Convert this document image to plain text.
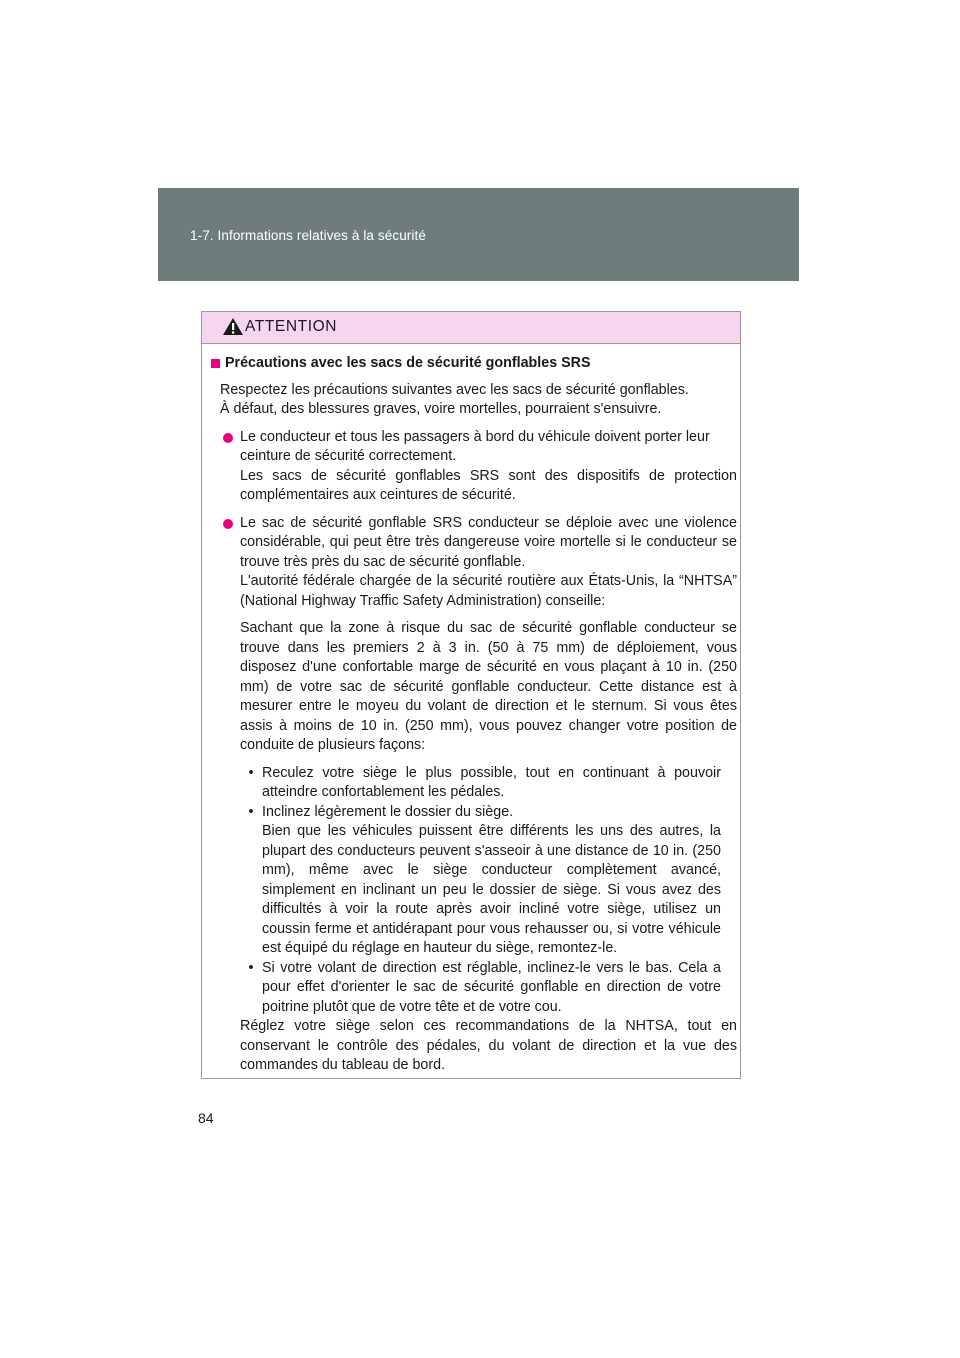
1-7. Informations relatives à la sécurité
ATTENTION
Précautions avec les sacs de sécurité gonflables SRS
Respectez les précautions suivantes avec les sacs de sécurité gonflables.
À défaut, des blessures graves, voire mortelles, pourraient s'ensuivre.
Le conducteur et tous les passagers à bord du véhicule doivent porter leur ceinture de sécurité correctement.
Les sacs de sécurité gonflables SRS sont des dispositifs de protection complémentaires aux ceintures de sécurité.
Le sac de sécurité gonflable SRS conducteur se déploie avec une violence considérable, qui peut être très dangereuse voire mortelle si le conducteur se trouve très près du sac de sécurité gonflable.
L'autorité fédérale chargée de la sécurité routière aux États-Unis, la “NHTSA” (National Highway Traffic Safety Administration) conseille:
Sachant que la zone à risque du sac de sécurité gonflable conducteur se trouve dans les premiers 2 à 3 in. (50 à 75 mm) de déploiement, vous disposez d'une confortable marge de sécurité en vous plaçant à 10 in. (250 mm) de votre sac de sécurité gonflable conducteur. Cette distance est à mesurer entre le moyeu du volant de direction et le sternum. Si vous êtes assis à moins de 10 in. (250 mm), vous pouvez changer votre position de conduite de plusieurs façons:
• Reculez votre siège le plus possible, tout en continuant à pouvoir atteindre confortablement les pédales.
• Inclinez légèrement le dossier du siège.
Bien que les véhicules puissent être différents les uns des autres, la plupart des conducteurs peuvent s'asseoir à une distance de 10 in. (250 mm), même avec le siège conducteur complètement avancé, simplement en inclinant un peu le dossier de siège. Si vous avez des difficultés à voir la route après avoir incliné votre siège, utilisez un coussin ferme et antidérapant pour vous rehausser ou, si votre véhicule est équipé du réglage en hauteur du siège, remontez-le.
• Si votre volant de direction est réglable, inclinez-le vers le bas. Cela a pour effet d'orienter le sac de sécurité gonflable en direction de votre poitrine plutôt que de votre tête et de votre cou.
Réglez votre siège selon ces recommandations de la NHTSA, tout en conservant le contrôle des pédales, du volant de direction et la vue des commandes du tableau de bord.
84
